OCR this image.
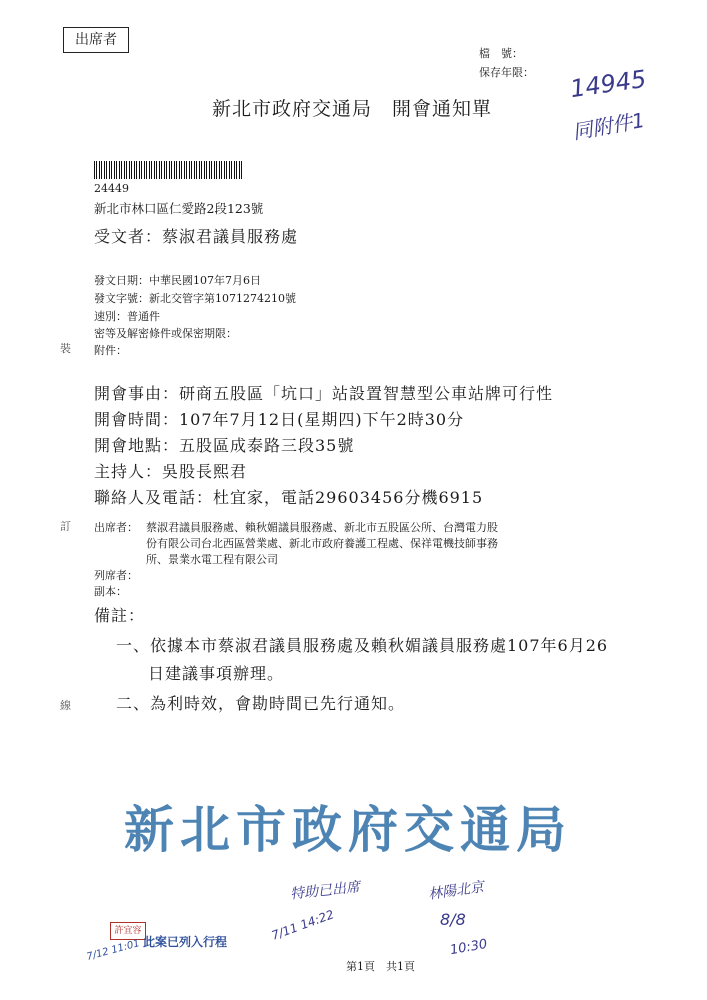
出席者
檔　號：
保存年限：
新北市政府交通局　開會通知單
14945
同附件1
24449
新北市林口區仁愛路2段123號
受文者：蔡淑君議員服務處
發文日期：中華民國107年7月6日
發文字號：新北交管字第1071274210號
速別：普通件
密等及解密條件或保密期限：
附件：
裝
訂
線
開會事由：研商五股區「坑口」站設置智慧型公車站牌可行性
開會時間：107年7月12日(星期四)下午2時30分
開會地點：五股區成泰路三段35號
主持人：吳股長熙君
聯絡人及電話：杜宜家，電話29603456分機6915
出席者： 蔡淑君議員服務處、賴秋媚議員服務處、新北市五股區公所、台灣電力股
份有限公司台北西區營業處、新北市政府養護工程處、保祥電機技師事務
所、景業水電工程有限公司
列席者：
副本：
備註：
一、依據本市蔡淑君議員服務處及賴秋媚議員服務處107年6月26
日建議事項辦理。
二、為利時效，會勘時間已先行通知。
新北市政府交通局
許宜容
此案已列入行程
7/12 11:01
特助已出席
7/11 14:22
林陽北京
8/8
10:30
第1頁　共1頁
